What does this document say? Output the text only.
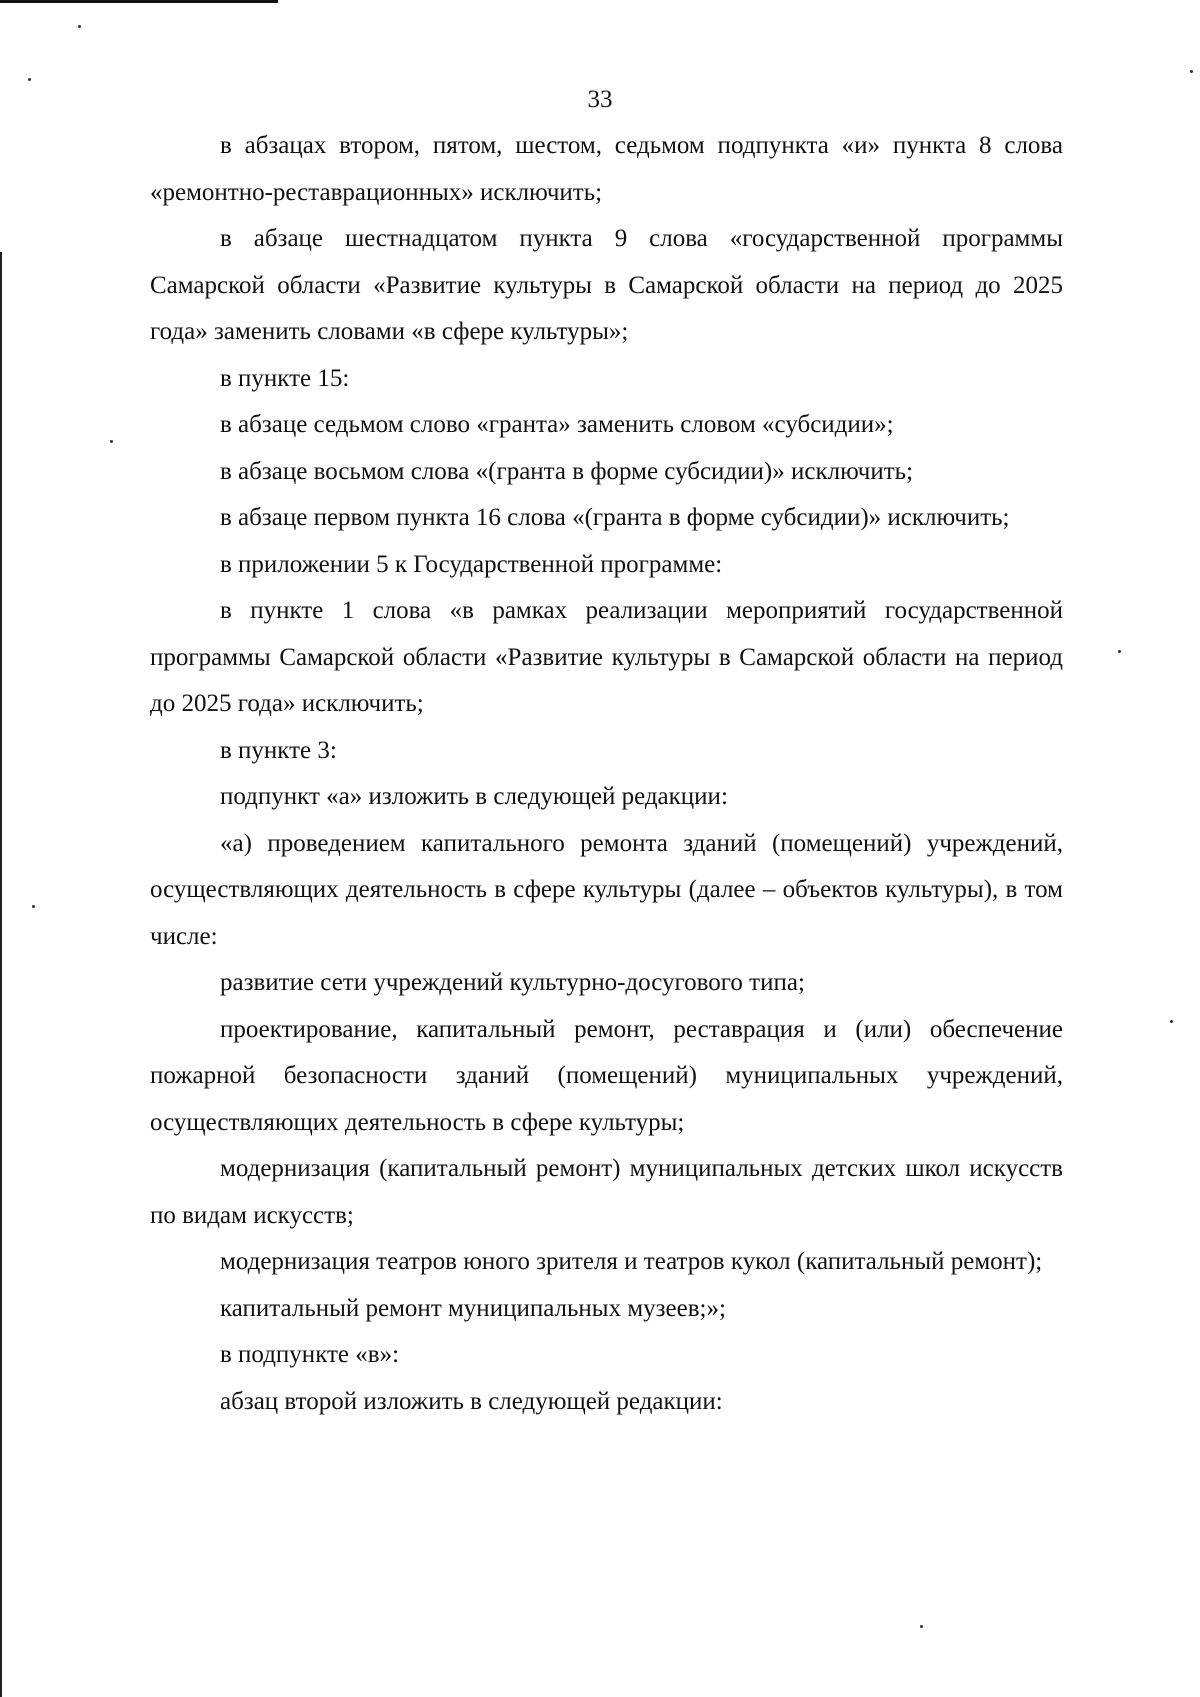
33

в абзацах втором, пятом, шестом, седьмом подпункта «и» пункта 8 слова «ремонтно-реставрационных» исключить;

в абзаце шестнадцатом пункта 9 слова «государственной программы Самарской области «Развитие культуры в Самарской области на период до 2025 года» заменить словами «в сфере культуры»;

в пункте 15:

в абзаце седьмом слово «гранта» заменить словом «субсидии»;

в абзаце восьмом слова «(гранта в форме субсидии)» исключить;

в абзаце первом пункта 16 слова «(гранта в форме субсидии)» исключить;

в приложении 5 к Государственной программе:

в пункте 1 слова «в рамках реализации мероприятий государственной программы Самарской области «Развитие культуры в Самарской области на период до 2025 года» исключить;

в пункте 3:

подпункт «а» изложить в следующей редакции:

«а) проведением капитального ремонта зданий (помещений) учреждений, осуществляющих деятельность в сфере культуры (далее – объектов культуры), в том числе:

развитие сети учреждений культурно-досугового типа;

проектирование, капитальный ремонт, реставрация и (или) обеспечение пожарной безопасности зданий (помещений) муниципальных учреждений, осуществляющих деятельность в сфере культуры;

модернизация (капитальный ремонт) муниципальных детских школ искусств по видам искусств;

модернизация театров юного зрителя и театров кукол (капитальный ремонт);

капитальный ремонт муниципальных музеев;»;

в подпункте «в»:

абзац второй изложить в следующей редакции:
